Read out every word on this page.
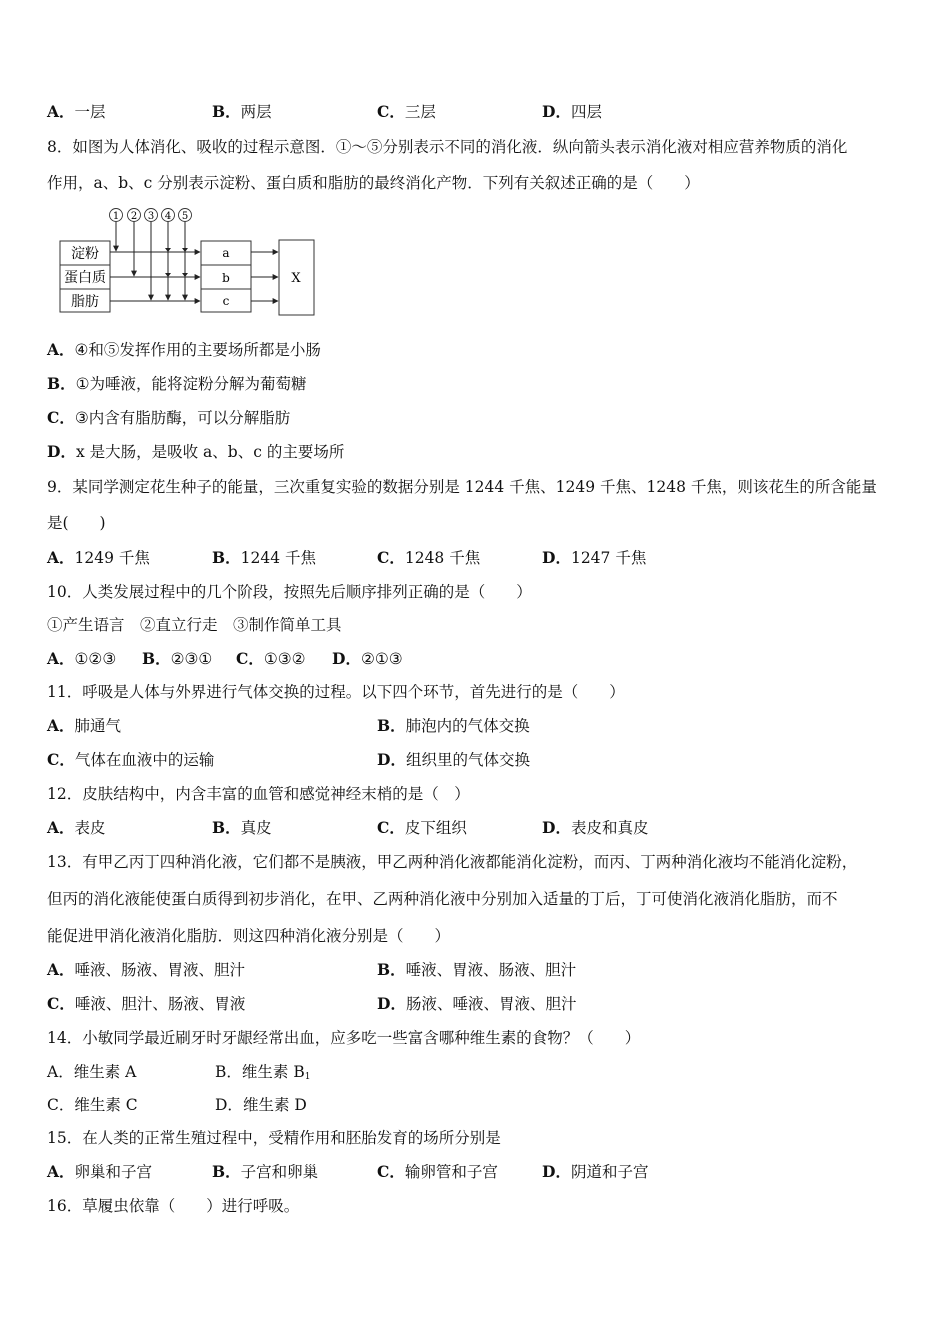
A．一层	B．两层	C．三层	D．四层
8．如图为人体消化、吸收的过程示意图．①～⑤分别表示不同的消化液．纵向箭头表示消化液对相应营养物质的消化
作用，a、b、c 分别表示淀粉、蛋白质和脂肪的最终消化产物．下列有关叙述正确的是（　　）
1 2 3 4 5
淀粉
蛋白质
脂肪
a
b
c
X
A．④和⑤发挥作用的主要场所都是小肠
B．①为唾液，能将淀粉分解为葡萄糖
C．③内含有脂肪酶，可以分解脂肪
D．x 是大肠，是吸收 a、b、c 的主要场所
9．某同学测定花生种子的能量，三次重复实验的数据分别是 1244 千焦、1249 千焦、1248 千焦，则该花生的所含能量
是(　　)
A．1249 千焦	B．1244 千焦	C．1248 千焦	D．1247 千焦
10．人类发展过程中的几个阶段，按照先后顺序排列正确的是（　　）
①产生语言　②直立行走　③制作简单工具
A．①②③ B．②③① C．①③② D．②①③
11．呼吸是人体与外界进行气体交换的过程。以下四个环节，首先进行的是（　　）
A．肺通气	B．肺泡内的气体交换
C．气体在血液中的运输	D．组织里的气体交换
12．皮肤结构中，内含丰富的血管和感觉神经末梢的是（　）
A．表皮	B．真皮	C．皮下组织	D．表皮和真皮
13．有甲乙丙丁四种消化液，它们都不是胰液，甲乙两种消化液都能消化淀粉，而丙、丁两种消化液均不能消化淀粉，
但丙的消化液能使蛋白质得到初步消化，在甲、乙两种消化液中分别加入适量的丁后，丁可使消化液消化脂肪，而不
能促进甲消化液消化脂肪．则这四种消化液分别是（　　）
A．唾液、肠液、胃液、胆汁	B．唾液、胃液、肠液、胆汁
C．唾液、胆汁、肠液、胃液	D．肠液、唾液、胃液、胆汁
14．小敏同学最近刷牙时牙龈经常出血，应多吃一些富含哪种维生素的食物？（　　）
A．维生素 A	B．维生素 $B_1$
C．维生素 C	D．维生素 D
15．在人类的正常生殖过程中，受精作用和胚胎发育的场所分别是
A．卵巢和子宫	B．子宫和卵巢	C．输卵管和子宫	D．阴道和子宫
16．草履虫依靠（　　）进行呼吸。
